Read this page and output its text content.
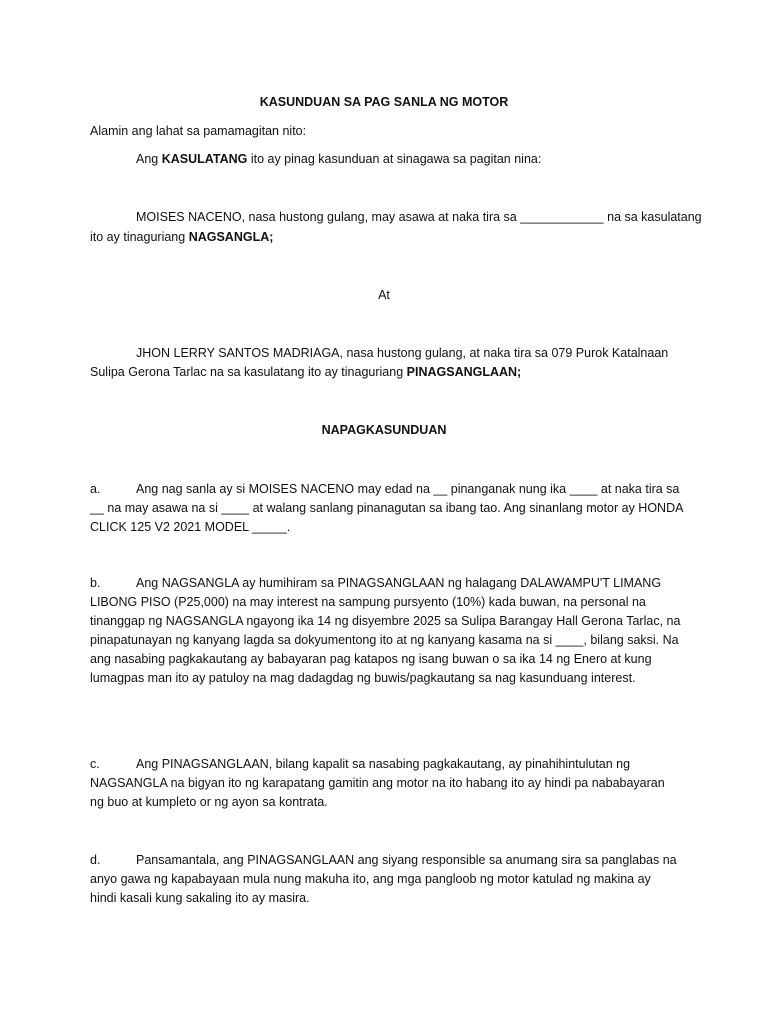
KASUNDUAN SA PAG SANLA NG MOTOR
Alamin ang lahat sa pamamagitan nito:
Ang KASULATANG ito ay pinag kasunduan at sinagawa sa pagitan nina:
MOISES NACENO, nasa hustong gulang, may asawa at naka tira sa ____________ na sa kasulatang
ito ay tinaguriang NAGSANGLA;
At
JHON LERRY SANTOS MADRIAGA, nasa hustong gulang, at naka tira sa 079 Purok Katalnaan
Sulipa Gerona Tarlac na sa kasulatang ito ay tinaguriang PINAGSANGLAAN;
NAPAGKASUNDUAN
a.	Ang nag sanla ay si MOISES NACENO may edad na __ pinanganak nung ika ____ at naka tira sa
__ na may asawa na si ____ at walang sanlang pinanagutan sa ibang tao. Ang sinanlang motor ay HONDA
CLICK 125 V2 2021 MODEL _____.
b.	Ang NAGSANGLA ay humihiram sa PINAGSANGLAAN ng halagang DALAWAMPU'T LIMANG
LIBONG PISO (P25,000) na may interest na sampung pursyento (10%) kada buwan, na personal na
tinanggap ng NAGSANGLA ngayong ika 14 ng disyembre 2025 sa Sulipa Barangay Hall Gerona Tarlac, na
pinapatunayan ng kanyang lagda sa dokyumentong ito at ng kanyang kasama na si ____, bilang saksi. Na
ang nasabing pagkakautang ay babayaran pag katapos ng isang buwan o sa ika 14 ng Enero at kung
lumagpas man ito ay patuloy na mag dadagdag ng buwis/pagkautang sa nag kasunduang interest.
c.	Ang PINAGSANGLAAN, bilang kapalit sa nasabing pagkakautang, ay pinahihintulutan ng
NAGSANGLA na bigyan ito ng karapatang gamitin ang motor na ito habang ito ay hindi pa nababayaran
ng buo at kumpleto or ng ayon sa kontrata.
d.	Pansamantala, ang PINAGSANGLAAN ang siyang responsible sa anumang sira sa panglabas na
anyo gawa ng kapabayaan mula nung makuha ito, ang mga pangloob ng motor katulad ng makina ay
hindi kasali kung sakaling ito ay masira.
